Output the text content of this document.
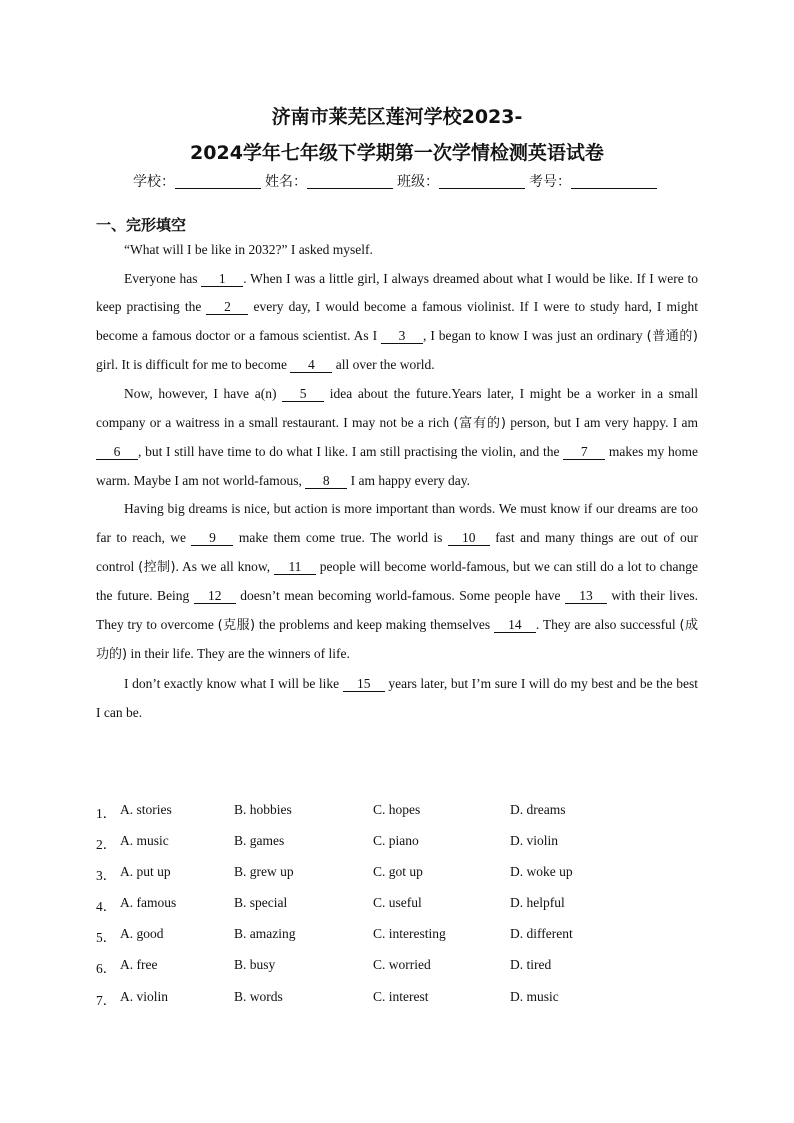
济南市莱芜区莲河学校2023-
2024学年七年级下学期第一次学情检测英语试卷
学校：	姓名：	班级：	考号：
一、完形填空

“What will I be like in 2032?” I asked myself.

Everyone has 1 . When I was a little girl, I always dreamed about what I would be like. If I were to keep practising the 2 every day, I would become a famous violinist. If I were to study hard, I might become a famous doctor or a famous scientist. As I 3 , I began to know I was just an ordinary (普通的) girl. It is difficult for me to become 4 all over the world.

Now, however, I have a(n) 5 idea about the future.Years later, I might be a worker in a small company or a waitress in a small restaurant. I may not be a rich (富有的) person, but I am very happy. I am 6 , but I still have time to do what I like. I am still practising the violin, and the 7 makes my home warm. Maybe I am not world-famous, 8 I am happy every day.

Having big dreams is nice, but action is more important than words. We must know if our dreams are too far to reach, we 9 make them come true. The world is 10 fast and many things are out of our control (控制). As we all know, 11 people will become world-famous, but we can still do a lot to change the future. Being 12 doesn’t mean becoming world-famous. Some people have 13 with their lives. They try to overcome (克服) the problems and keep making themselves 14 . They are also successful (成功的) in their life. They are the winners of life.

I don’t exactly know what I will be like 15 years later, but I’m sure I will do my best and be the best I can be.

1． A. stories	B. hobbies	C. hopes	D. dreams
2． A. music	B. games	C. piano	D. violin
3． A. put up	B. grew up	C. got up	D. woke up
4． A. famous	B. special	C. useful	D. helpful
5． A. good	B. amazing	C. interesting	D. different
6． A. free	B. busy	C. worried	D. tired
7． A. violin	B. words	C. interest	D. music
